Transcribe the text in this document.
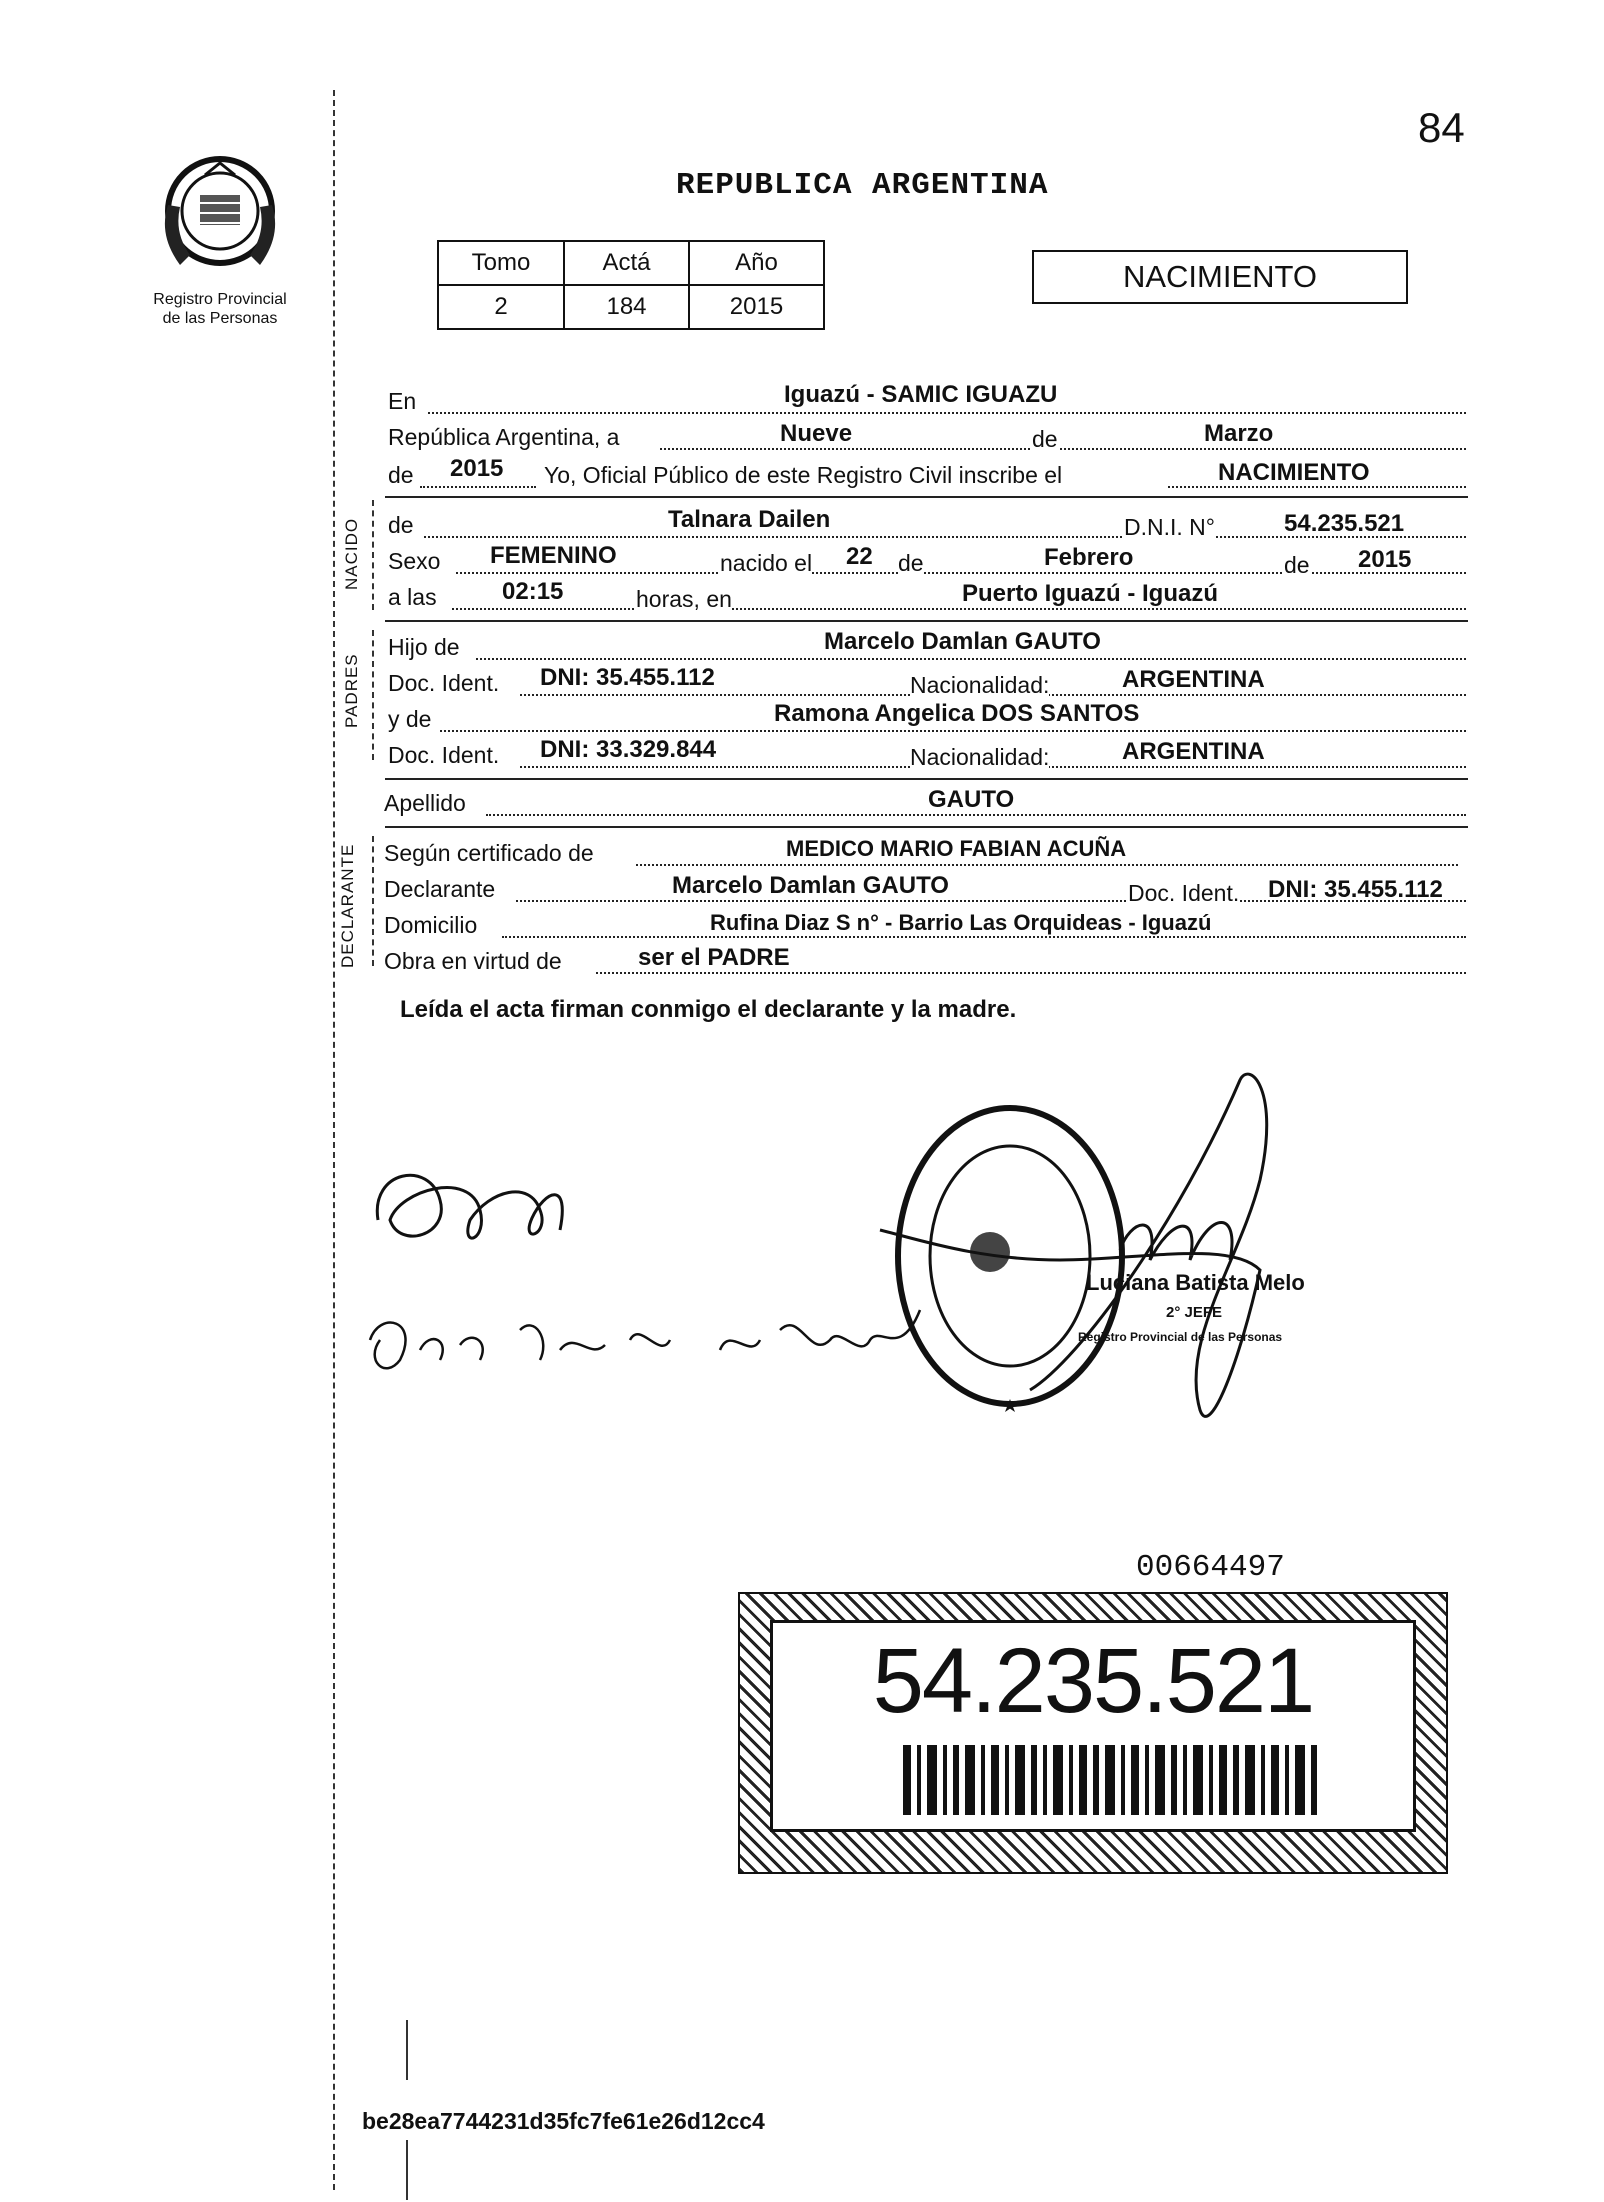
84
REPUBLICA ARGENTINA
Registro Provincial
de las Personas
Tomo	Actá	Año
2	184	2015
NACIMIENTO
En	Iguazú - SAMIC IGUAZU
República Argentina, a	Nueve	de	Marzo
de 2015 Yo, Oficial Público de este Registro Civil inscribe el	NACIMIENTO
NACIDO de	Talnara Dailen	D.N.I. N°	54.235.521
Sexo FEMENINO	nacido el 22 de	Febrero	de 2015
a las	02:15	horas, en	Puerto Iguazú - Iguazú
PADRES
Hijo de	Marcelo Damlan GAUTO
Doc. Ident. DNI: 35.455.112	Nacionalidad:	ARGENTINA
y de	Ramona Angelica DOS SANTOS
Doc. Ident. DNI: 33.329.844	Nacionalidad:	ARGENTINA
Apellido	GAUTO
DECLARANTE Según certificado de	MEDICO MARIO FABIAN ACUÑA
Declarante	Marcelo Damlan GAUTO	Doc. Ident. DNI: 35.455.112
Domicilio	Rufina Diaz S n° - Barrio Las Orquideas - Iguazú
Obra en virtud de	ser el PADRE
Leída el acta firman conmigo el declarante y la madre.
Luciana Batista Melo
2° JEFE
Registro Provincial de las Personas
00664497
54.235.521
be28ea7744231d35fc7fe61e26d12cc4
